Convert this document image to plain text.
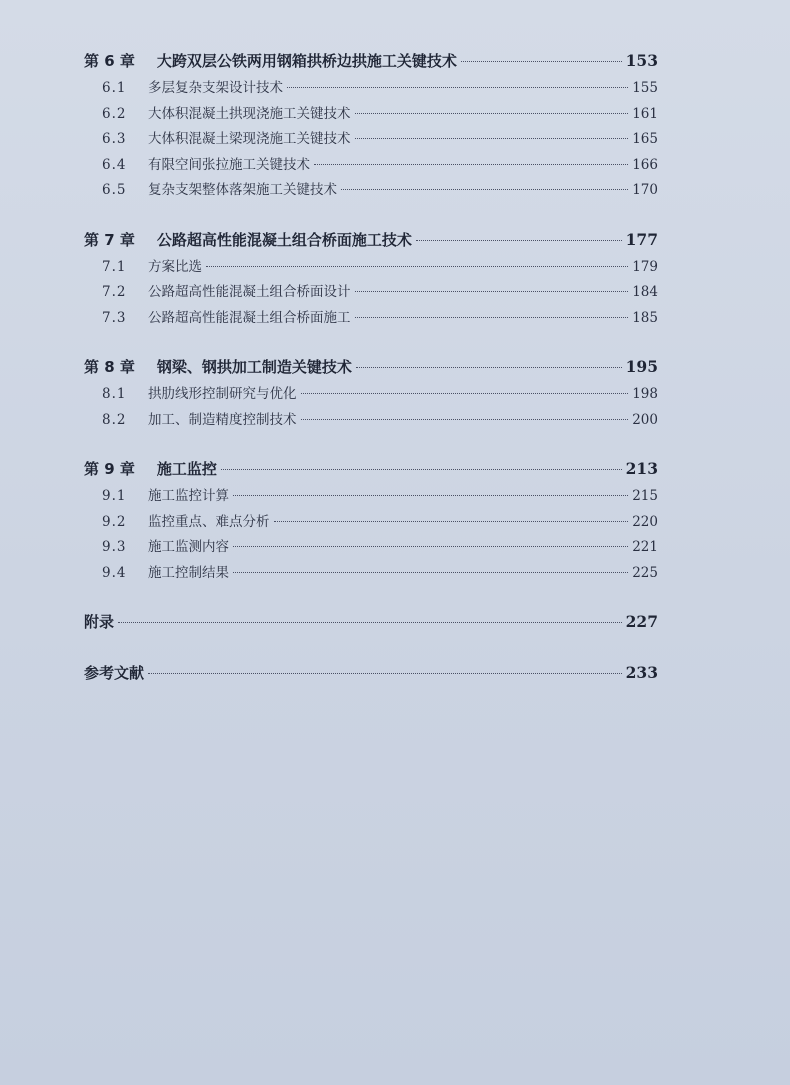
第 6 章 大跨双层公铁两用钢箱拱桥边拱施工关键技术	153
6.1	多层复杂支架设计技术	155
6.2	大体积混凝土拱现浇施工关键技术	161
6.3	大体积混凝土梁现浇施工关键技术	165
6.4	有限空间张拉施工关键技术	166
6.5	复杂支架整体落架施工关键技术	170
第 7 章 公路超高性能混凝土组合桥面施工技术	177
7.1	方案比选	179
7.2	公路超高性能混凝土组合桥面设计	184
7.3	公路超高性能混凝土组合桥面施工	185
第 8 章 钢梁、钢拱加工制造关键技术	195
8.1	拱肋线形控制研究与优化	198
8.2	加工、制造精度控制技术	200
第 9 章 施工监控	213
9.1	施工监控计算	215
9.2	监控重点、难点分析	220
9.3	施工监测内容	221
9.4	施工控制结果	225
附录	227
参考文献	233
